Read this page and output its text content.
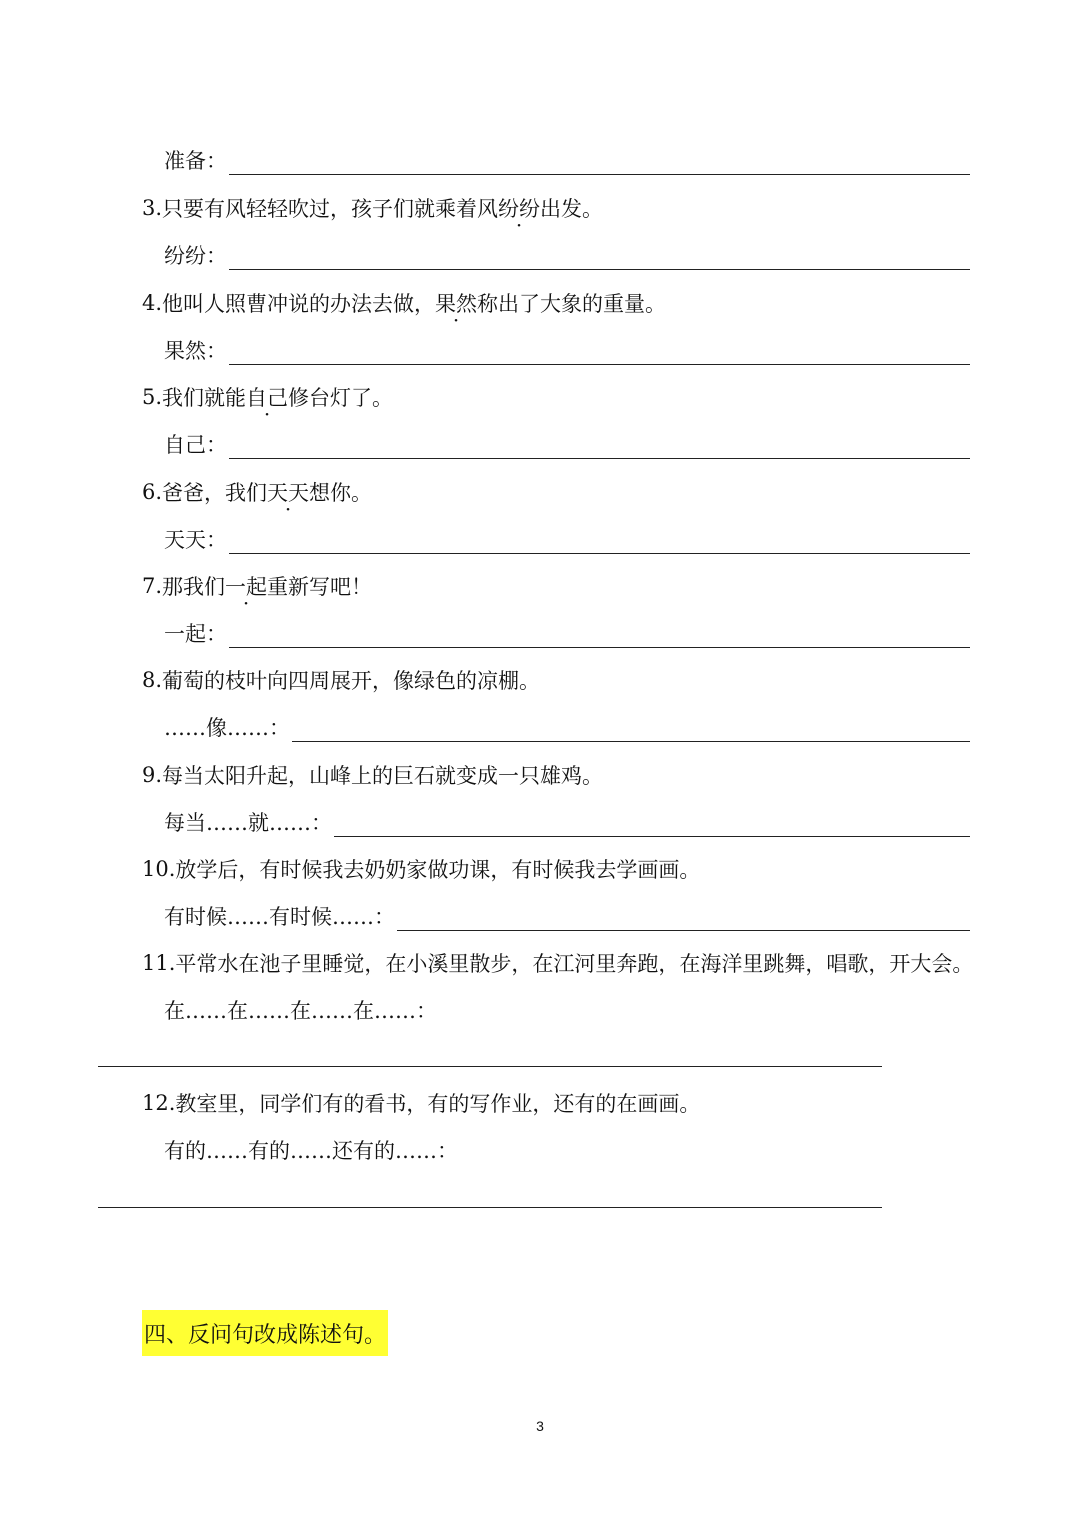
准备：
3. 只要有风轻轻吹过，孩子们就乘着风 纷纷 出发。
纷纷：
4. 他叫人照曹冲说的办法去做， 果然 称出了大象的重量。
果然：
5. 我们就能 自己 修台灯了。
自己：
6. 爸爸，我们 天天 想你。
天天：
7. 那我们 一起 重新写吧！
一起：
8. 葡萄的枝叶向四周展开，像绿色的凉棚。
……像……：
9. 每当太阳升起，山峰上的巨石就变成一只雄鸡。
每当……就……：
10. 放学后，有时候我去奶奶家做功课，有时候我去学画画。
有时候……有时候……：
11. 平常水在池子里睡觉，在小溪里散步，在江河里奔跑，在海洋里跳舞，唱歌，开大会。
在……在……在……在……：
12. 教室里，同学们有的看书，有的写作业，还有的在画画。
有的……有的……还有的……：
四、反问句改成陈述句。
3
